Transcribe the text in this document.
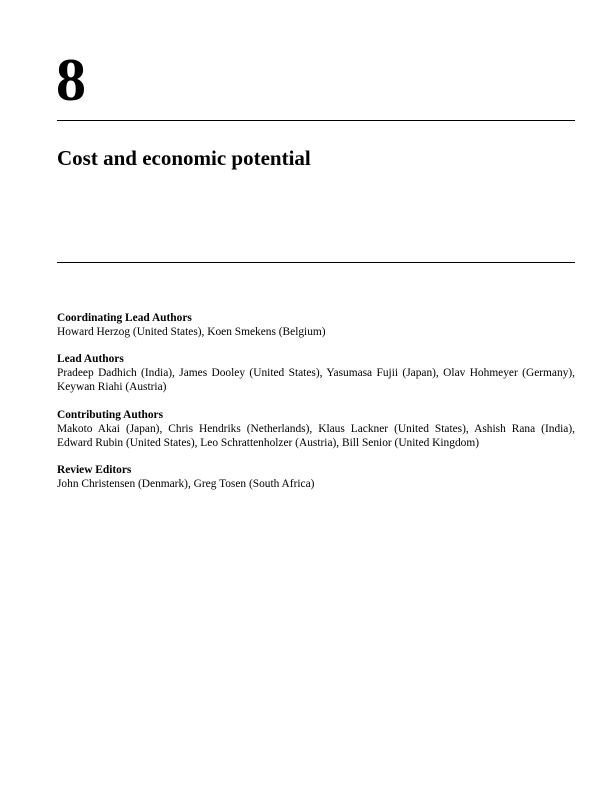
8
Cost and economic potential

Coordinating Lead Authors

Howard Herzog (United States), Koen Smekens (Belgium)

Lead Authors

Pradeep Dadhich (India), James Dooley (United States), Yasumasa Fujii (Japan), Olav Hohmeyer (Germany), Keywan Riahi (Austria)

Contributing Authors

Makoto Akai (Japan), Chris Hendriks (Netherlands), Klaus Lackner (United States), Ashish Rana (India), Edward Rubin (United States), Leo Schrattenholzer (Austria), Bill Senior (United Kingdom)

Review Editors

John Christensen (Denmark), Greg Tosen (South Africa)
